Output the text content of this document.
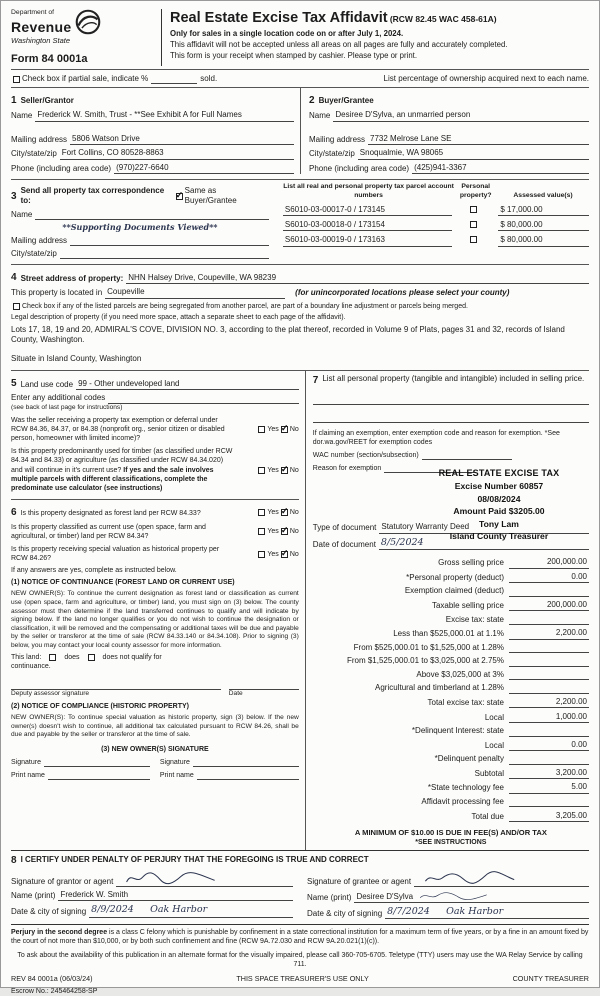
Department of
Revenue
Washington State
Form 84 0001a
Real Estate Excise Tax Affidavit (RCW 82.45 WAC 458-61A)
Only for sales in a single location code on or after July 1, 2024.
This affidavit will not be accepted unless all areas on all pages are fully and accurately completed.
This form is your receipt when stamped by cashier. Please type or print.
Check box if partial sale, indicate %	sold.	List percentage of ownership acquired next to each name.
1 Seller/Grantor
Name Frederick W. Smith, Trust - **See Exhibit A for Full Names
Mailing address 5806 Watson Drive
City/state/zip Fort Collins, CO 80528-8863
Phone (including area code) (970)227-6640
2 Buyer/Grantee
Name Desiree D'Sylva, an unmarried person
Mailing address 7732 Melrose Lane SE
City/state/zip Snoqualmie, WA 98065
Phone (including area code) (425)941-3367
3
Send all property tax correspondence to:
✓
Same as Buyer/Grantee
Name
**Supporting Documents Viewed**
Mailing address
City/state/zip
List all real and personal property tax parcel account numbers
Personal property?	Assessed value(s)
S6010-03-00017-0 / 173145	$ 17,000.00
S6010-03-00018-0 / 173154	$ 80,000.00
S6010-03-00019-0 / 173163	$ 80,000.00
4 Street address of property: NHN Halsey Drive, Coupeville, WA 98239
This property is located in Coupeville	(for unincorporated locations please select your county)
Check box if any of the listed parcels are being segregated from another parcel, are part of a boundary line adjustment or parcels being merged.
Legal description of property (if you need more space, attach a separate sheet to each page of the affidavit).
Lots 17, 18, 19 and 20, ADMIRAL'S COVE, DIVISION NO. 3, according to the plat thereof, recorded in Volume 9 of Plats, pages 31 and 32, records of Island County, Washington.
Situate in Island County, Washington
5 Land use code 99 - Other undeveloped land
Enter any additional codes
(see back of last page for instructions)
Was the seller receiving a property tax exemption or deferral under RCW 84.36, 84.37, or 84.38 (nonprofit org., senior citizen or disabled person, homeowner with limited income)?
Yes ✓ No
Is this property predominantly used for timber (as classified under RCW 84.34 and 84.33) or agriculture (as classified under RCW 84.34.020) and will continue in it's current use? If yes and the sale involves multiple parcels with different classifications, complete the predominate use calculator (see instructions)
Yes ✓ No
6 Is this property designated as forest land per RCW 84.33?	Yes ✓ No
Is this property classified as current use (open space, farm and agricultural, or timber) land per RCW 84.34?
Yes ✓ No
Is this property receiving special valuation as historical property per RCW 84.26?
Yes ✓ No
If any answers are yes, complete as instructed below.
(1) NOTICE OF CONTINUANCE (FOREST LAND OR CURRENT USE)
NEW OWNER(S): To continue the current designation as forest land or classification as current use (open space, farm and agriculture, or timber) land, you must sign on (3) below. The county assessor must then determine if the land transferred continues to qualify and will indicate by signing below. If the land no longer qualifies or you do not wish to continue the designation or classification, it will be removed and the compensating or additional taxes will be due and payable by the seller or transferor at the time of sale (RCW 84.33.140 or 84.34.108). Prior to signing (3) below, you may contact your local county assessor for more information.
This land:	does	does not qualify for
continuance.
Deputy assessor signature	Date
(2) NOTICE OF COMPLIANCE (HISTORIC PROPERTY)
NEW OWNER(S): To continue special valuation as historic property, sign (3) below. If the new owner(s) doesn't wish to continue, all additional tax calculated pursuant to RCW 84.26, shall be due and payable by the seller or transferor at the time of sale.
(3) NEW OWNER(S) SIGNATURE
Signature
Print name
Signature
Print name
7 List all personal property (tangible and intangible) included in selling price.
If claiming an exemption, enter exemption code and reason for exemption. *See dor.wa.gov/REET for exemption codes
WAC number (section/subsection)
Reason for exemption	REAL ESTATE EXCISE TAX
Excise Number 60857
08/08/2024
Amount Paid $3205.00
Tony Lam
Island County Treasurer
Type of document Statutory Warranty Deed
Date of document 8/5/2024
Gross selling price	200,000.00
*Personal property (deduct)	0.00
Exemption claimed (deduct)
Taxable selling price	200,000.00
Excise tax: state
Less than $525,000.01 at 1.1%	2,200.00
From $525,000.01 to $1,525,000 at 1.28%
From $1,525,000.01 to $3,025,000 at 2.75%
Above $3,025,000 at 3%
Agricultural and timberland at 1.28%
Total excise tax: state	2,200.00
Local	1,000.00
*Delinquent Interest: state
Local	0.00
*Delinquent penalty
Subtotal	3,200.00
*State technology fee	5.00
Affidavit processing fee
Total due	3,205.00
A MINIMUM OF $10.00 IS DUE IN FEE(S) AND/OR TAX
*SEE INSTRUCTIONS
8 I CERTIFY UNDER PENALTY OF PERJURY THAT THE FOREGOING IS TRUE AND CORRECT
Signature of grantor or agent
Name (print) Frederick W. Smith
Date & city of signing 8/9/2024 Oak Harbor
Signature of grantee or agent
Name (print) Desiree D'Sylva
Date & city of signing 8/7/2024 Oak Harbor
Perjury in the second degree is a class C felony which is punishable by confinement in a state correctional institution for a maximum term of five years, or by a fine in an amount fixed by the court of not more than $10,000, or by both such confinement and fine (RCW 9A.72.030 and RCW 9A.20.021(1)(c)).
To ask about the availability of this publication in an alternate format for the visually impaired, please call 360-705-6705. Teletype (TTY) users may use the WA Relay Service by calling 711.
REV 84 0001a (06/03/24)	THIS SPACE TREASURER'S USE ONLY	COUNTY TREASURER
Escrow No.: 245464258-SP
